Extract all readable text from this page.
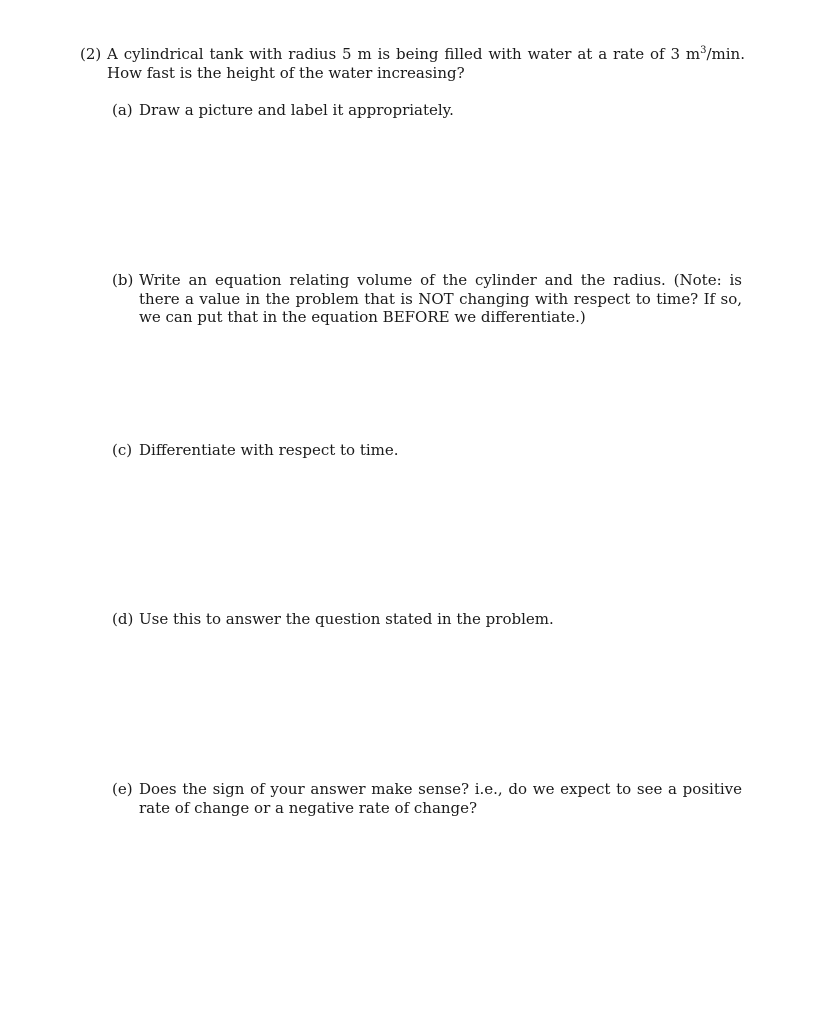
(2) A cylindrical tank with radius 5 m is being filled with water at a rate of 3 $m^3/\min$. How fast is the height of the water increasing?
(a) Draw a picture and label it appropriately.
(b) Write an equation relating volume of the cylinder and the radius. (Note: is there a value in the problem that is NOT changing with respect to time? If so, we can put that in the equation BEFORE we differentiate.)
(c) Differentiate with respect to time.
(d) Use this to answer the question stated in the problem.
(e) Does the sign of your answer make sense? i.e., do we expect to see a positive rate of change or a negative rate of change?
